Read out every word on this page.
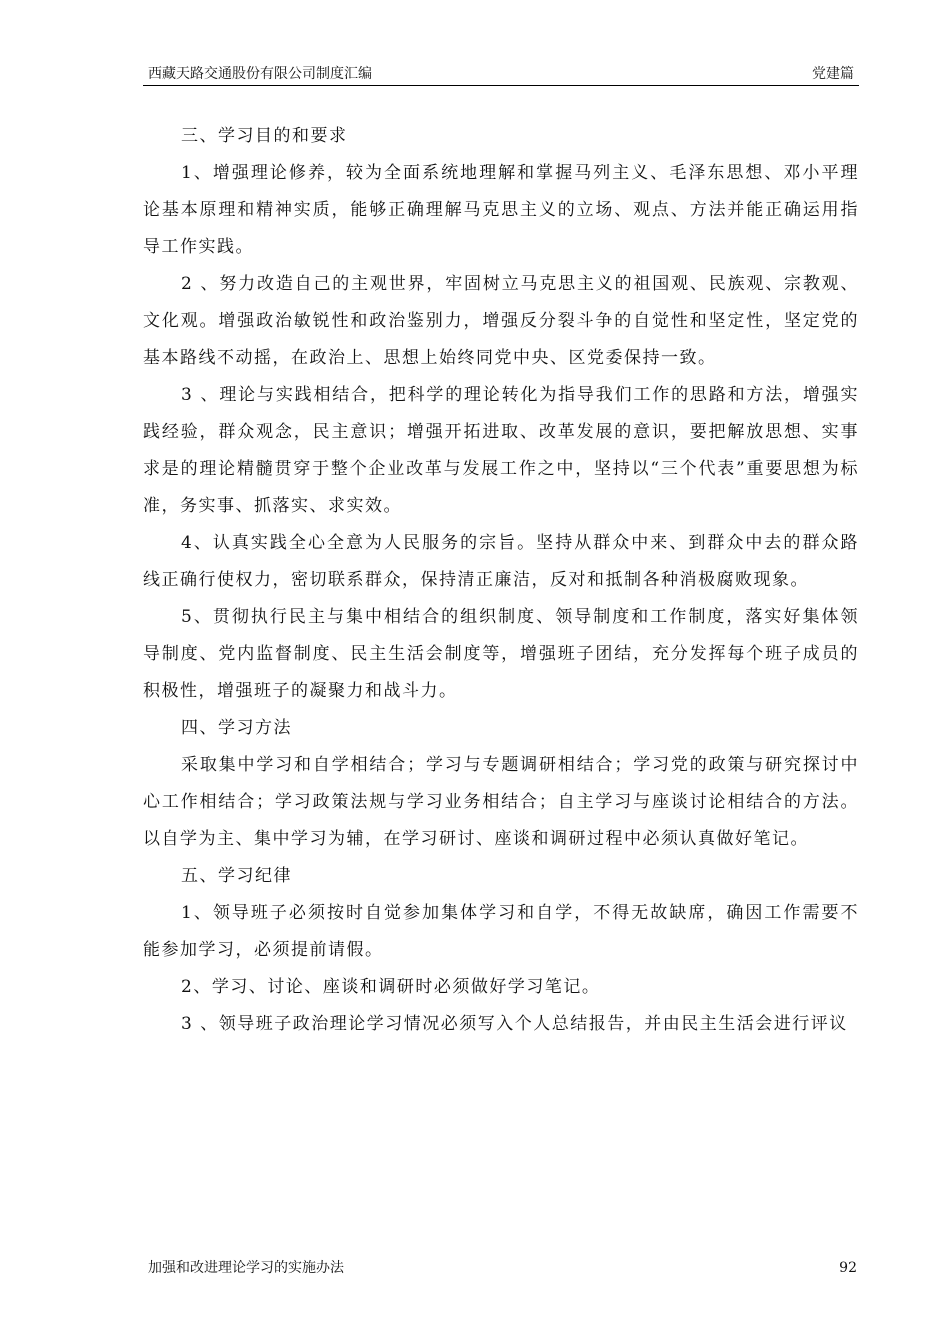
西藏天路交通股份有限公司制度汇编	党建篇

三、学习目的和要求

1、增强理论修养，较为全面系统地理解和掌握马列主义、毛泽东思想、邓小平理论基本原理和精神实质，能够正确理解马克思主义的立场、观点、方法并能正确运用指导工作实践。

2 、努力改造自己的主观世界，牢固树立马克思主义的祖国观、民族观、宗教观、文化观。增强政治敏锐性和政治鉴别力，增强反分裂斗争的自觉性和坚定性，坚定党的基本路线不动摇，在政治上、思想上始终同党中央、区党委保持一致。

3 、理论与实践相结合，把科学的理论转化为指导我们工作的思路和方法，增强实践经验，群众观念，民主意识；增强开拓进取、改革发展的意识，要把解放思想、实事求是的理论精髓贯穿于整个企业改革与发展工作之中，坚持以“三个代表”重要思想为标准，务实事、抓落实、求实效。

4、认真实践全心全意为人民服务的宗旨。坚持从群众中来、到群众中去的群众路线正确行使权力，密切联系群众，保持清正廉洁，反对和抵制各种消极腐败现象。

5、贯彻执行民主与集中相结合的组织制度、领导制度和工作制度，落实好集体领导制度、党内监督制度、民主生活会制度等，增强班子团结，充分发挥每个班子成员的积极性，增强班子的凝聚力和战斗力。

四、学习方法

采取集中学习和自学相结合；学习与专题调研相结合；学习党的政策与研究探讨中心工作相结合；学习政策法规与学习业务相结合；自主学习与座谈讨论相结合的方法。以自学为主、集中学习为辅，在学习研讨、座谈和调研过程中必须认真做好笔记。

五、学习纪律

1、领导班子必须按时自觉参加集体学习和自学，不得无故缺席，确因工作需要不能参加学习，必须提前请假。

2、学习、讨论、座谈和调研时必须做好学习笔记。

3 、领导班子政治理论学习情况必须写入个人总结报告，并由民主生活会进行评议

加强和改进理论学习的实施办法	92
